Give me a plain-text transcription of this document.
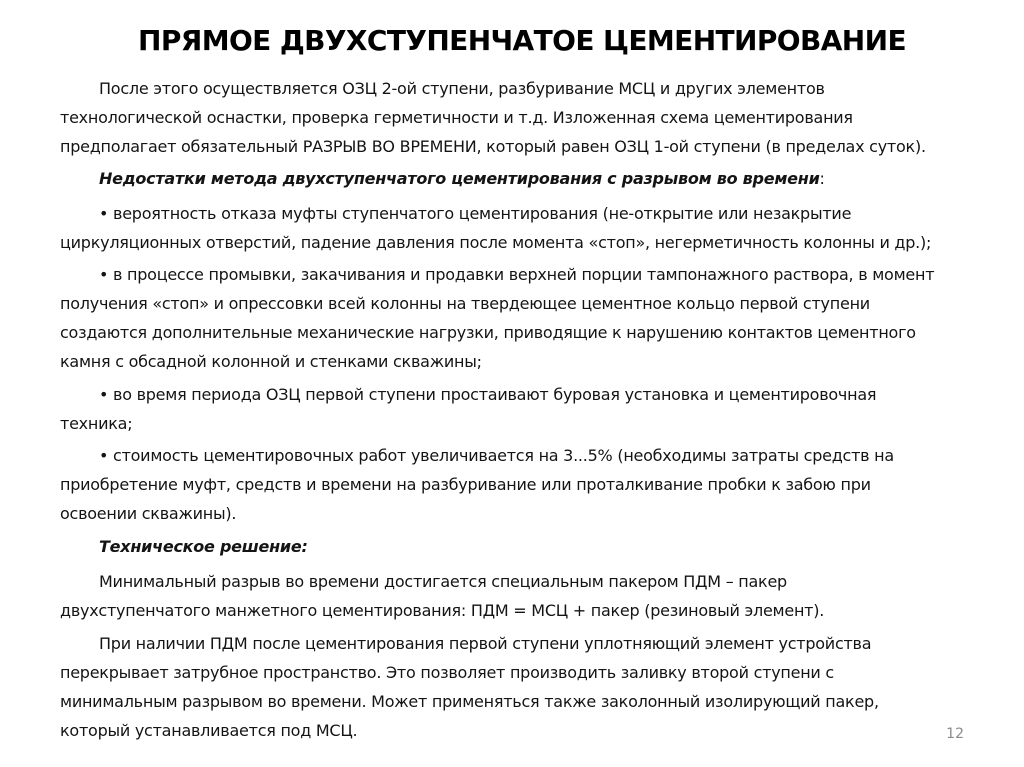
ПРЯМОЕ ДВУХСТУПЕНЧАТОЕ ЦЕМЕНТИРОВАНИЕ
После этого осуществляется ОЗЦ 2-ой ступени, разбуривание МСЦ и других элементов
технологической оснастки, проверка герметичности и т.д. Изложенная схема цементирования
предполагает обязательный РАЗРЫВ ВО ВРЕМЕНИ, который равен ОЗЦ 1-ой ступени (в пределах суток).
Недостатки метода двухступенчатого цементирования с разрывом во времени:
• вероятность отказа муфты ступенчатого цементирования (не-открытие или незакрытие
циркуляционных отверстий, падение давления после момента «стоп», негерметичность колонны и др.);
• в процессе промывки, закачивания и продавки верхней порции тампонажного раствора, в момент
получения «стоп» и опрессовки всей колонны на твердеющее цементное кольцо первой ступени
создаются дополнительные механические нагрузки, приводящие к нарушению контактов цементного
камня с обсадной колонной и стенками скважины;
• во время периода ОЗЦ первой ступени простаивают буровая установка и цементировочная
техника;
• стоимость цементировочных работ увеличивается на 3...5% (необходимы затраты средств на
приобретение муфт, средств и времени на разбуривание или проталкивание пробки к забою при
освоении скважины).
Техническое решение:
Минимальный разрыв во времени достигается специальным пакером ПДМ – пакер
двухступенчатого манжетного цементирования: ПДМ = МСЦ + пакер (резиновый элемент).
При наличии ПДМ после цементирования первой ступени уплотняющий элемент устройства
перекрывает затрубное пространство. Это позволяет производить заливку второй ступени с
минимальным разрывом во времени. Может применяться также заколонный изолирующий пакер,
который устанавливается под МСЦ.	12
